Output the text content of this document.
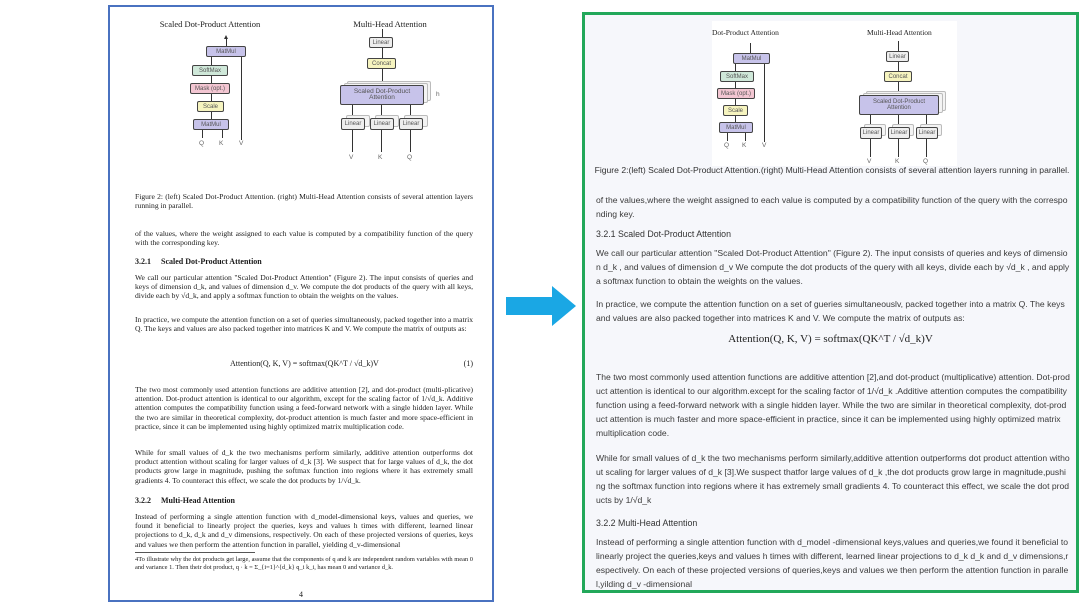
Scaled Dot-Product Attention	Multi-Head Attention
MatMul
SoftMax
Mask (opt.)
Scale
MatMul
Q K V
Linear
Concat
Scaled Dot-Product
Attention	h
Linear	Linear	Linear
V	K	Q
Figure 2: (left) Scaled Dot-Product Attention. (right) Multi-Head Attention consists of several attention layers running in parallel.
of the values, where the weight assigned to each value is computed by a compatibility function of the query with the corresponding key.
3.2.1 Scaled Dot-Product Attention
We call our particular attention "Scaled Dot-Product Attention" (Figure 2). The input consists of queries and keys of dimension d_k, and values of dimension d_v. We compute the dot products of the query with all keys, divide each by √d_k, and apply a softmax function to obtain the weights on the values.
In practice, we compute the attention function on a set of queries simultaneously, packed together into a matrix Q. The keys and values are also packed together into matrices K and V. We compute the matrix of outputs as:
Attention(Q, K, V) = softmax(QK^T / √d_k)V	(1)
The two most commonly used attention functions are additive attention [2], and dot-product (multi-plicative) attention. Dot-product attention is identical to our algorithm, except for the scaling factor of 1/√d_k. Additive attention computes the compatibility function using a feed-forward network with a single hidden layer. While the two are similar in theoretical complexity, dot-product attention is much faster and more space-efficient in practice, since it can be implemented using highly optimized matrix multiplication code.
While for small values of d_k the two mechanisms perform similarly, additive attention outperforms dot product attention without scaling for larger values of d_k [3]. We suspect that for large values of d_k, the dot products grow large in magnitude, pushing the softmax function into regions where it has extremely small gradients 4. To counteract this effect, we scale the dot products by 1/√d_k.
3.2.2 Multi-Head Attention
Instead of performing a single attention function with d_model-dimensional keys, values and queries, we found it beneficial to linearly project the queries, keys and values h times with different, learned linear projections to d_k, d_k and d_v dimensions, respectively. On each of these projected versions of queries, keys and values we then perform the attention function in parallel, yielding d_v-dimensional
4To illustrate why the dot products get large, assume that the components of q and k are independent random variables with mean 0 and variance 1. Then their dot product, q · k = Σ_{i=1}^{d_k} q_i k_i, has mean 0 and variance d_k.
4
Dot-Product Attention	Multi-Head Attention
MatMul
SoftMax
Mask (opt.)
Scale
MatMul
Q K V
Linear
Concat
Scaled Dot-Product
Attention
Linear	Linear	Linear
V	K	Q
Figure 2:(left) Scaled Dot-Product Attention.(right) Multi-Head Attention consists of several attention layers running in parallel.
of the values,where the weight assigned to each value is computed by a compatibility function of the query with the corresponding key.
3.2.1 Scaled Dot-Product Attention
We call our particular attention "Scaled Dot-Product Attention" (Figure 2). The input consists of queries and keys of dimension d_k , and values of dimension d_v We compute the dot products of the query with all keys, divide each by √d_k , and apply a softmax function to obtain the weights on the values.
In practice, we compute the attention function on a set of gueries simultaneouslv, packed together into a matrix Q. The keys and values are also packed together into matrices K and V. We compute the matrix of outputs as:
Attention(Q, K, V) = softmax(QK^T / √d_k)V
The two most commonly used attention functions are additive attention [2],and dot-product (multiplicative) attention. Dot-product attention is identical to our algorithm.except for the scaling factor of 1/√d_k .Additive attention computes the compatibility function using a feed-forward network with a single hidden layer. While the two are similar in theoretical complexity, dot-product attention is much faster and more space-efficient in practice, since it can be implemented using highly optimized matrix multiplication code.
While for small values of d_k the two mechanisms perform similarly,additive attention outperforms dot product attention without scaling for larger values of d_k [3].We suspect thatfor large values of d_k ,the dot products grow large in magnitude,pushing the softmax function into regions where it has extremely small gradients 4. To counteract this effect, we scale the dot products by 1/√d_k
3.2.2 Multi-Head Attention
Instead of performing a single attention function with d_model -dimensional keys,values and queries,we found it beneficial to linearly project the queries,keys and values h times with different, learned linear projections to d_k d_k and d_v dimensions,respectively. On each of these projected versions of queries,keys and values we then perform the attention function in parallel,yilding d_v -dimensional
